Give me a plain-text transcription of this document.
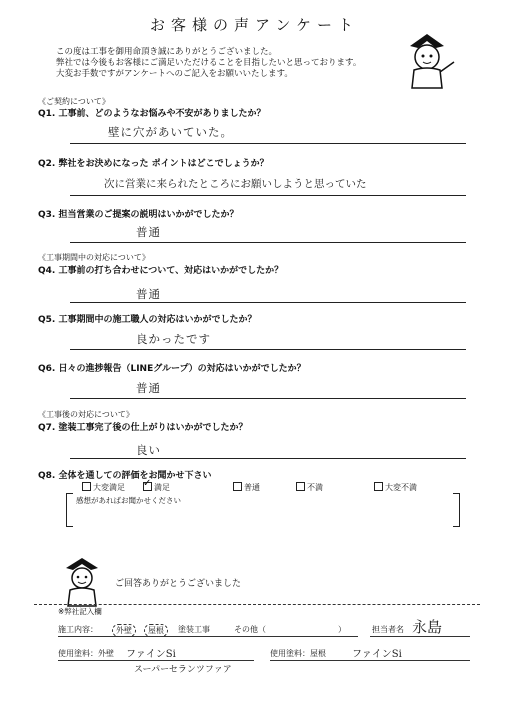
お客様の声アンケート
この度は工事を御用命頂き誠にありがとうございました。
弊社では今後もお客様にご満足いただけることを目指したいと思っております。
大変お手数ですがアンケートへのご記入をお願いいたします。
《ご契約について》
Q1. 工事前、どのようなお悩みや不安がありましたか？
壁に穴があいていた。
Q2. 弊社をお決めになった ポイントはどこでしょうか？
次に営業に来られたところにお願いしようと思っていた
Q3. 担当営業のご提案の説明はいかがでしたか？
普通
《工事期間中の対応について》
Q4. 工事前の打ち合わせについて、対応はいかがでしたか？
普通
Q5. 工事期間中の施工職人の対応はいかがでしたか？
良かったです
Q6. 日々の進捗報告（LINEグループ）の対応はいかがでしたか？
普通
《工事後の対応について》
Q7. 塗装工事完了後の仕上がりはいかがでしたか？
良い
Q8. 全体を通しての評価をお聞かせ下さい
大変満足 ✓ 満足	普通	不満	大変不満
感想があればお聞かせください
ご回答ありがとうございました
※弊社記入欄
施工内容：	外壁	屋根	塗装工事	その他（	）	担当者名 永島
使用塗料：外壁 ファインSi
スーパーセランツファア
使用塗料：屋根	ファインSi
